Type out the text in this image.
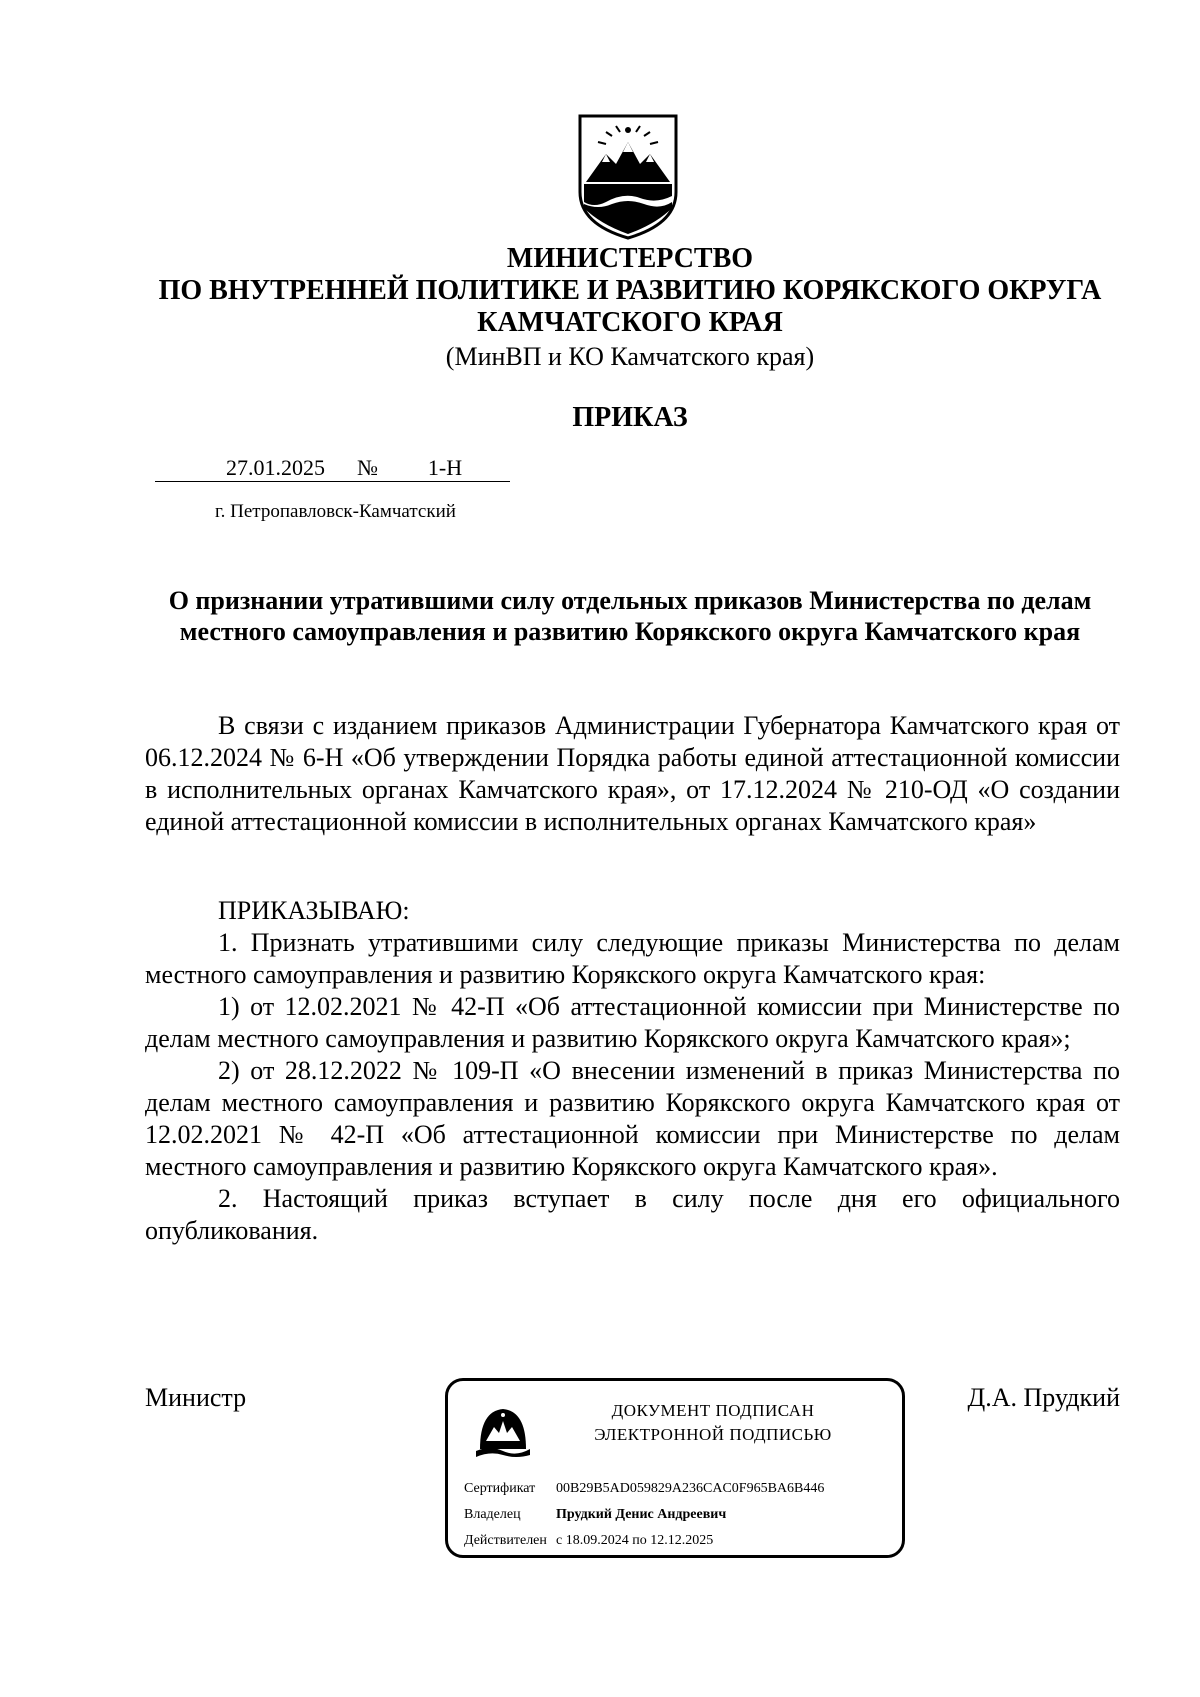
МИНИСТЕРСТВО
ПО ВНУТРЕННЕЙ ПОЛИТИКЕ И РАЗВИТИЮ КОРЯКСКОГО ОКРУГА
КАМЧАТСКОГО КРАЯ
(МинВП и КО Камчатского края)
ПРИКАЗ
27.01.2025 № 1-Н
г. Петропавловск-Камчатский
О признании утратившими силу отдельных приказов Министерства по делам местного самоуправления и развитию Корякского округа Камчатского края

В связи с изданием приказов Администрации Губернатора Камчатского края от 06.12.2024 № 6-Н «Об утверждении Порядка работы единой аттестационной комиссии в исполнительных органах Камчатского края», от 17.12.2024 № 210-ОД «О создании единой аттестационной комиссии в исполнительных органах Камчатского края»

ПРИКАЗЫВАЮ:

1. Признать утратившими силу следующие приказы Министерства по делам местного самоуправления и развитию Корякского округа Камчатского края:

1) от 12.02.2021 № 42-П «Об аттестационной комиссии при Министерстве по делам местного самоуправления и развитию Корякского округа Камчатского края»;

2) от 28.12.2022 № 109-П «О внесении изменений в приказ Министерства по делам местного самоуправления и развитию Корякского округа Камчатского края от 12.02.2021 № 42-П «Об аттестационной комиссии при Министерстве по делам местного самоуправления и развитию Корякского округа Камчатского края».

2. Настоящий приказ вступает в силу после дня его официального опубликования.

Министр	ДОКУМЕНТ ПОДПИСАН
ЭЛЕКТРОННОЙ ПОДПИСЬЮ
Сертификат 00B29B5AD059829A236CAC0F965BA6B446
Владелец	Прудкий Денис Андреевич
Действителен с 18.09.2024 по 12.12.2025
Д.А. Прудкий
